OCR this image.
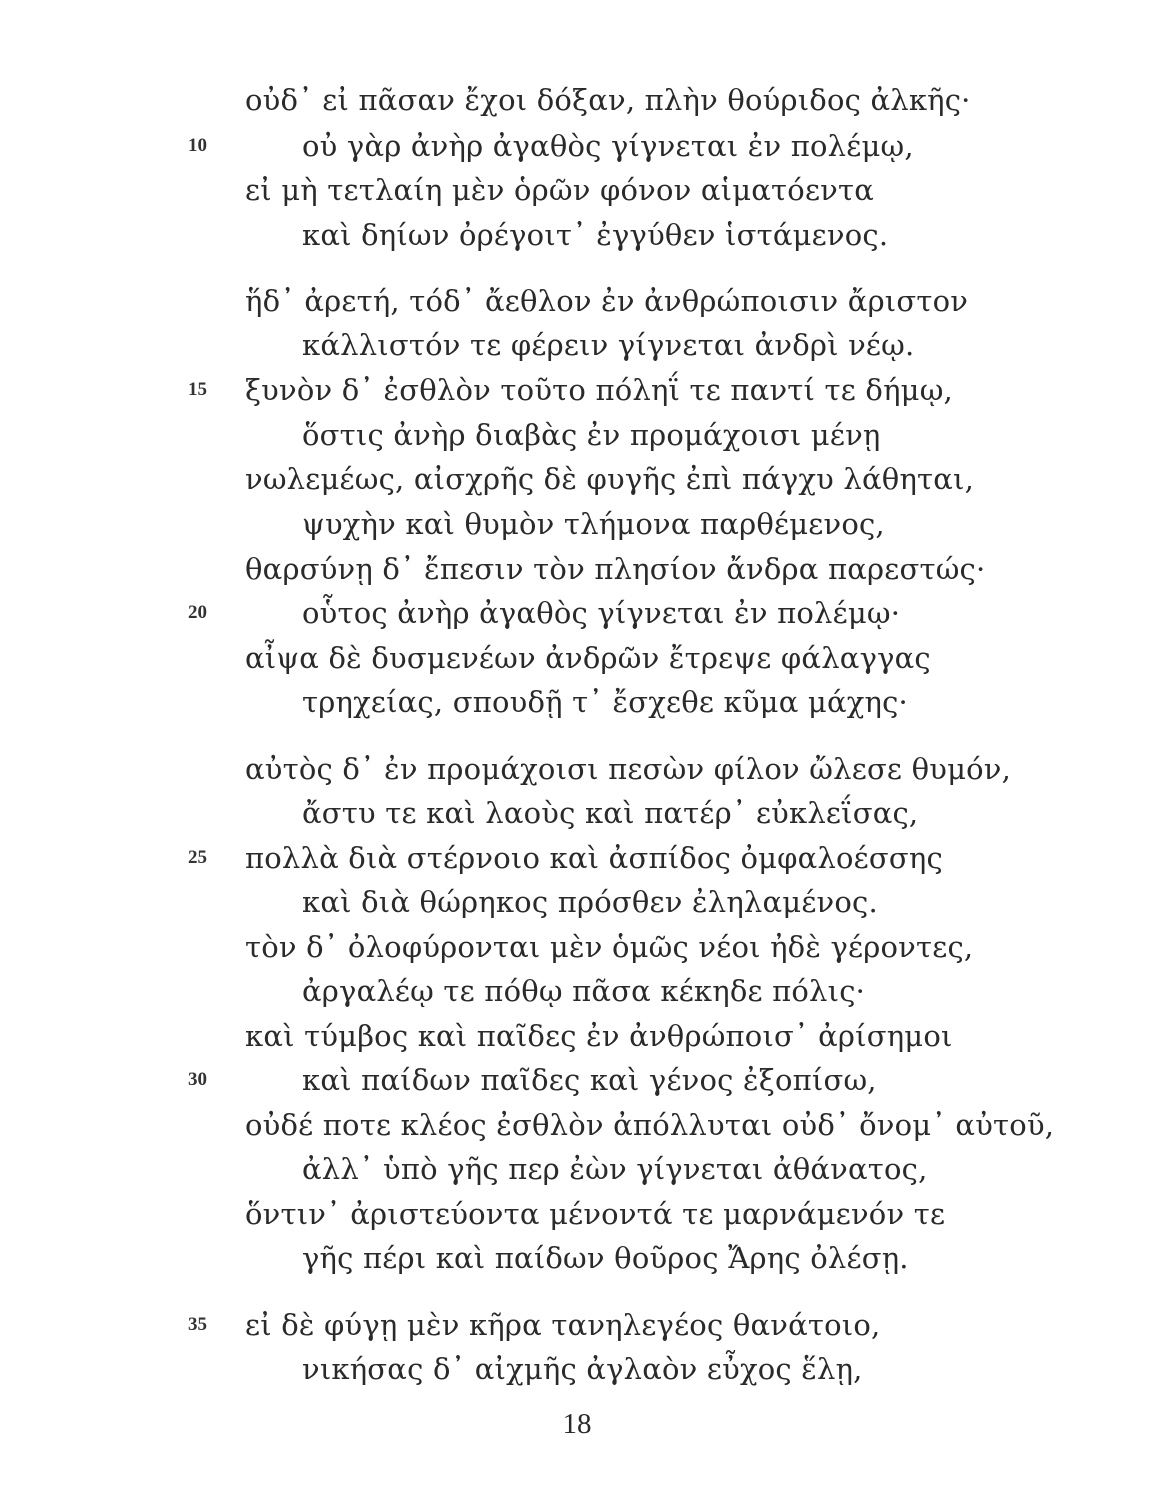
οὐδ᾽ εἰ πᾶσαν ἔχοι δόξαν, πλὴν θούριδος ἀλκῆς·
10	οὐ γὰρ ἀνὴρ ἀγαθὸς γίγνεται ἐν πολέμῳ,
εἰ μὴ τετλαίη μὲν ὁρῶν φόνον αἱματόεντα
καὶ δηίων ὀρέγοιτ᾽ ἐγγύθεν ἱστάμενος.
ἥδ᾽ ἀρετή, τόδ᾽ ἄεθλον ἐν ἀνθρώποισιν ἄριστον
κάλλιστόν τε φέρειν γίγνεται ἀνδρὶ νέῳ.
15 ξυνὸν δ᾽ ἐσθλὸν τοῦτο πόληΐ τε παντί τε δήμῳ,
ὅστις ἀνὴρ διαβὰς ἐν προμάχοισι μένῃ
νωλεμέως, αἰσχρῆς δὲ φυγῆς ἐπὶ πάγχυ λάθηται,
ψυχὴν καὶ θυμὸν τλήμονα παρθέμενος,
θαρσύνῃ δ᾽ ἔπεσιν τὸν πλησίον ἄνδρα παρεστώς·
20	οὗτος ἀνὴρ ἀγαθὸς γίγνεται ἐν πολέμῳ·
αἶψα δὲ δυσμενέων ἀνδρῶν ἔτρεψε φάλαγγας
τρηχείας, σπουδῇ τ᾽ ἔσχεθε κῦμα μάχης·
αὐτὸς δ᾽ ἐν προμάχοισι πεσὼν φίλον ὤλεσε θυμόν,
ἄστυ τε καὶ λαοὺς καὶ πατέρ᾽ εὐκλεΐσας,
25 πολλὰ διὰ στέρνοιο καὶ ἀσπίδος ὀμφαλοέσσης
καὶ διὰ θώρηκος πρόσθεν ἐληλαμένος.
τὸν δ᾽ ὀλοφύρονται μὲν ὁμῶς νέοι ἠδὲ γέροντες,
ἀργαλέῳ τε πόθῳ πᾶσα κέκηδε πόλις·
καὶ τύμβος καὶ παῖδες ἐν ἀνθρώποισ᾽ ἀρίσημοι
30	καὶ παίδων παῖδες καὶ γένος ἐξοπίσω,
οὐδέ ποτε κλέος ἐσθλὸν ἀπόλλυται οὐδ᾽ ὄνομ᾽ αὐτοῦ,
ἀλλ᾽ ὑπὸ γῆς περ ἐὼν γίγνεται ἀθάνατος,
ὅντιν᾽ ἀριστεύοντα μένοντά τε μαρνάμενόν τε
γῆς πέρι καὶ παίδων θοῦρος Ἄρης ὀλέσῃ.
35 εἰ δὲ φύγῃ μὲν κῆρα τανηλεγέος θανάτοιο,
νικήσας δ᾽ αἰχμῆς ἀγλαὸν εὖχος ἕλῃ,
18
